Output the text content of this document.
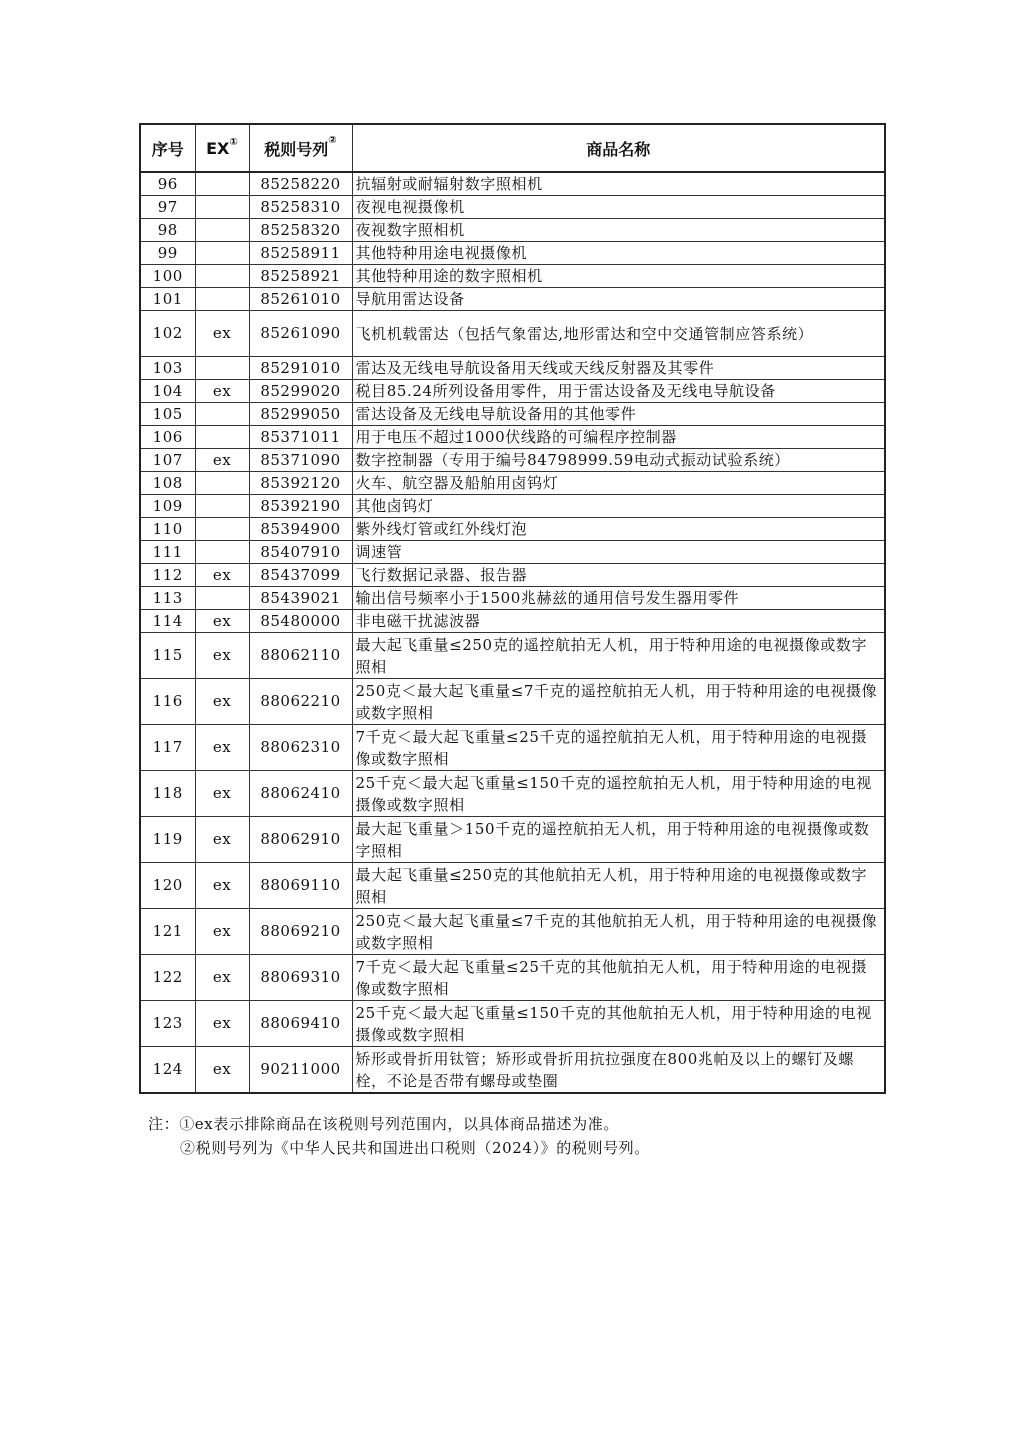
序号	EX①	税则号列②	商品名称
96		85258220	抗辐射或耐辐射数字照相机
97		85258310	夜视电视摄像机
98		85258320	夜视数字照相机
99		85258911	其他特种用途电视摄像机
100		85258921	其他特种用途的数字照相机
101		85261010	导航用雷达设备
102	ex	85261090	飞机机载雷达（包括气象雷达,地形雷达和空中交通管制应答系统）
103		85291010	雷达及无线电导航设备用天线或天线反射器及其零件
104	ex	85299020	税目85.24所列设备用零件，用于雷达设备及无线电导航设备
105		85299050	雷达设备及无线电导航设备用的其他零件
106		85371011	用于电压不超过1000伏线路的可编程序控制器
107	ex	85371090	数字控制器（专用于编号84798999.59电动式振动试验系统）
108		85392120	火车、航空器及船舶用卤钨灯
109		85392190	其他卤钨灯
110		85394900	紫外线灯管或红外线灯泡
111		85407910	调速管
112	ex	85437099	飞行数据记录器、报告器
113		85439021	输出信号频率小于1500兆赫兹的通用信号发生器用零件
114	ex	85480000	非电磁干扰滤波器
115	ex	88062110	最大起飞重量≤250克的遥控航拍无人机，用于特种用途的电视摄像或数字照相
116	ex	88062210	250克＜最大起飞重量≤7千克的遥控航拍无人机，用于特种用途的电视摄像或数字照相
117	ex	88062310	7千克＜最大起飞重量≤25千克的遥控航拍无人机，用于特种用途的电视摄像或数字照相
118	ex	88062410	25千克＜最大起飞重量≤150千克的遥控航拍无人机，用于特种用途的电视摄像或数字照相
119	ex	88062910	最大起飞重量＞150千克的遥控航拍无人机，用于特种用途的电视摄像或数字照相
120	ex	88069110	最大起飞重量≤250克的其他航拍无人机，用于特种用途的电视摄像或数字照相
121	ex	88069210	250克＜最大起飞重量≤7千克的其他航拍无人机，用于特种用途的电视摄像或数字照相
122	ex	88069310	7千克＜最大起飞重量≤25千克的其他航拍无人机，用于特种用途的电视摄像或数字照相
123	ex	88069410	25千克＜最大起飞重量≤150千克的其他航拍无人机，用于特种用途的电视摄像或数字照相
124	ex	90211000	矫形或骨折用钛管；矫形或骨折用抗拉强度在800兆帕及以上的螺钉及螺栓，不论是否带有螺母或垫圈
注：①ex表示排除商品在该税则号列范围内，以具体商品描述为准。
②税则号列为《中华人民共和国进出口税则（2024）》的税则号列。
